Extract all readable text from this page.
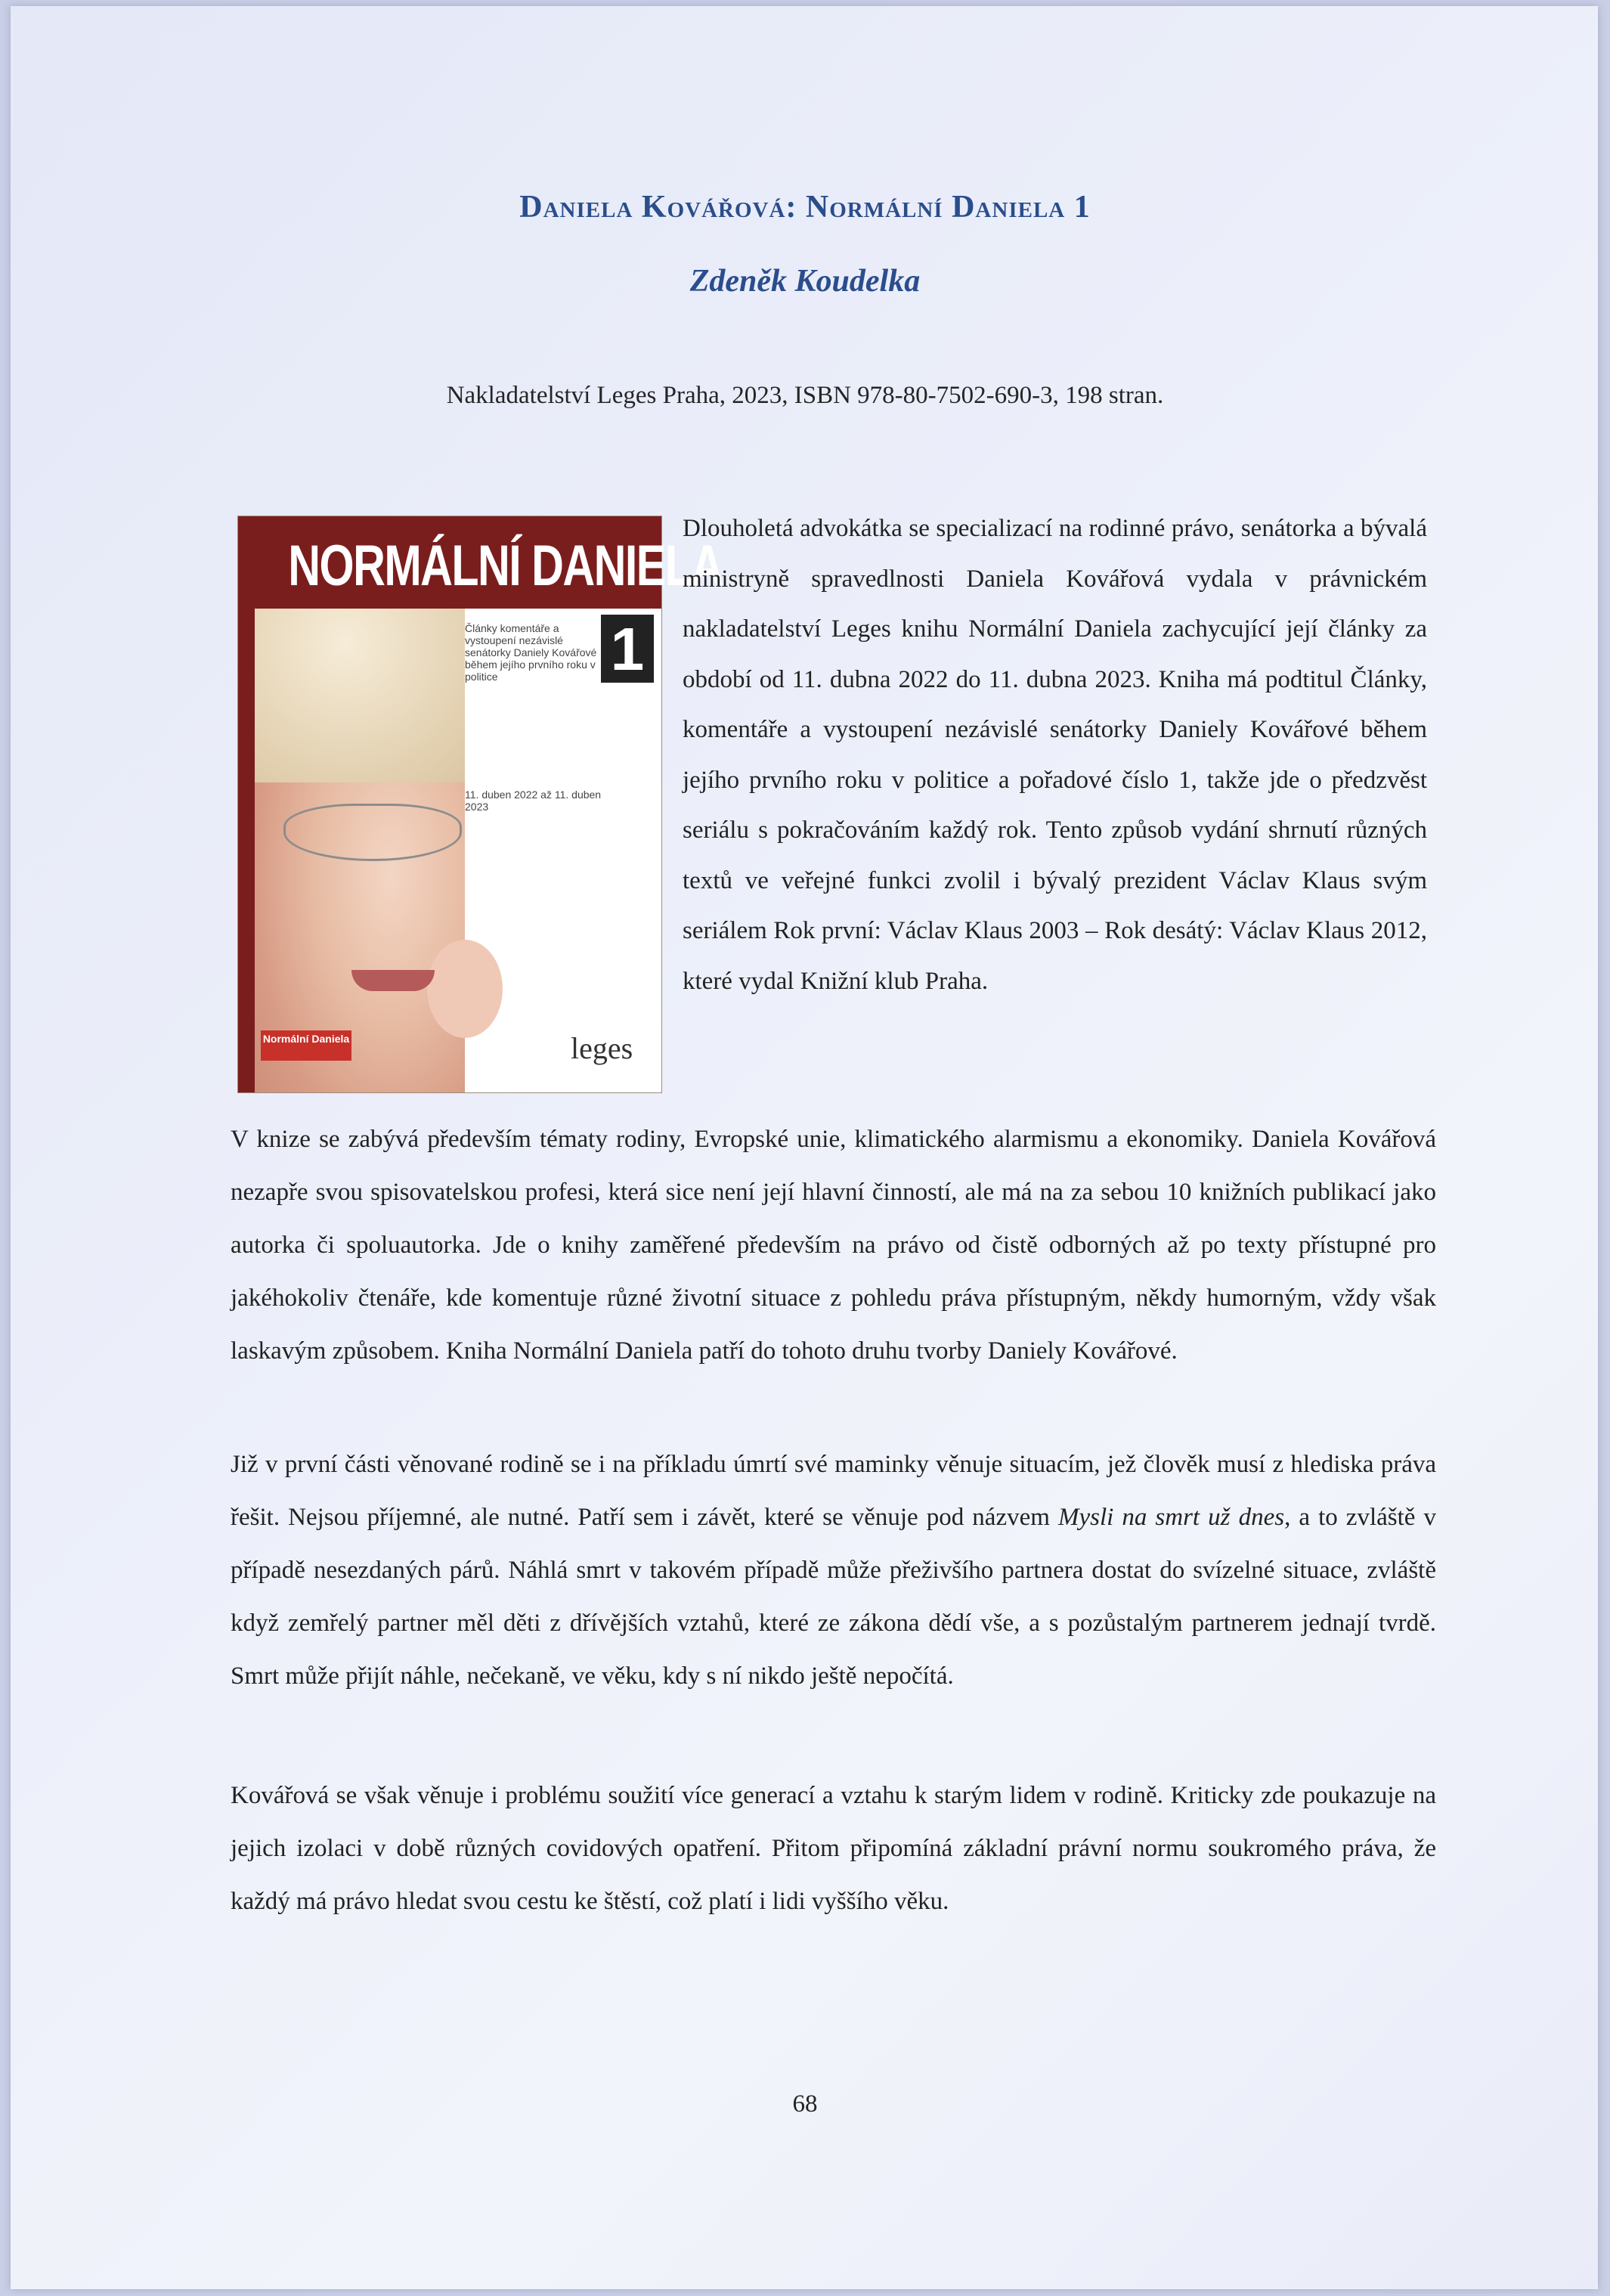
Daniela Kovářová: Normální Daniela 1
Zdeněk Koudelka
Nakladatelství Leges Praha, 2023, ISBN 978-80-7502-690-3, 198 stran.
NORMÁLNÍ DANIELA
1
Články komentáře a vystoupení nezávislé senátorky Daniely Kovářové během jejího prvního roku v politice
11. duben 2022 až 11. duben 2023
Normální Daniela	leges

Dlouholetá advokátka se specializací na rodinné právo, senátorka a bývalá ministryně spravedlnosti Daniela Kovářová vydala v právnickém nakladatelství Leges knihu Normální Daniela zachycující její články za období od 11. dubna 2022 do 11. dubna 2023. Kniha má podtitul Články, komentáře a vystoupení nezávislé senátorky Daniely Kovářové během jejího prvního roku v politice a pořadové číslo 1, takže jde o předzvěst seriálu s pokračováním každý rok. Tento způsob vydání shrnutí různých textů ve veřejné funkci zvolil i bývalý prezident Václav Klaus svým seriálem Rok první: Václav Klaus 2003 – Rok desátý: Václav Klaus 2012, které vydal Knižní klub Praha.

V knize se zabývá především tématy rodiny, Evropské unie, klimatického alarmismu a ekonomiky. Daniela Kovářová nezapře svou spisovatelskou profesi, která sice není její hlavní činností, ale má na za sebou 10 knižních publikací jako autorka či spoluautorka. Jde o knihy zaměřené především na právo od čistě odborných až po texty přístupné pro jakéhokoliv čtenáře, kde komentuje různé životní situace z pohledu práva přístupným, někdy humorným, vždy však laskavým způsobem. Kniha Normální Daniela patří do tohoto druhu tvorby Daniely Kovářové.

Již v první části věnované rodině se i na příkladu úmrtí své maminky věnuje situacím, jež člověk musí z hlediska práva řešit. Nejsou příjemné, ale nutné. Patří sem i závět, které se věnuje pod názvem Mysli na smrt už dnes, a to zvláště v případě nesezdaných párů. Náhlá smrt v takovém případě může přeživšího partnera dostat do svízelné situace, zvláště když zemřelý partner měl děti z dřívějších vztahů, které ze zákona dědí vše, a s pozůstalým partnerem jednají tvrdě. Smrt může přijít náhle, nečekaně, ve věku, kdy s ní nikdo ještě nepočítá.

Kovářová se však věnuje i problému soužití více generací a vztahu k starým lidem v rodině. Kriticky zde poukazuje na jejich izolaci v době různých covidových opatření. Přitom připomíná základní právní normu soukromého práva, že každý má právo hledat svou cestu ke štěstí, což platí i lidi vyššího věku.

68
